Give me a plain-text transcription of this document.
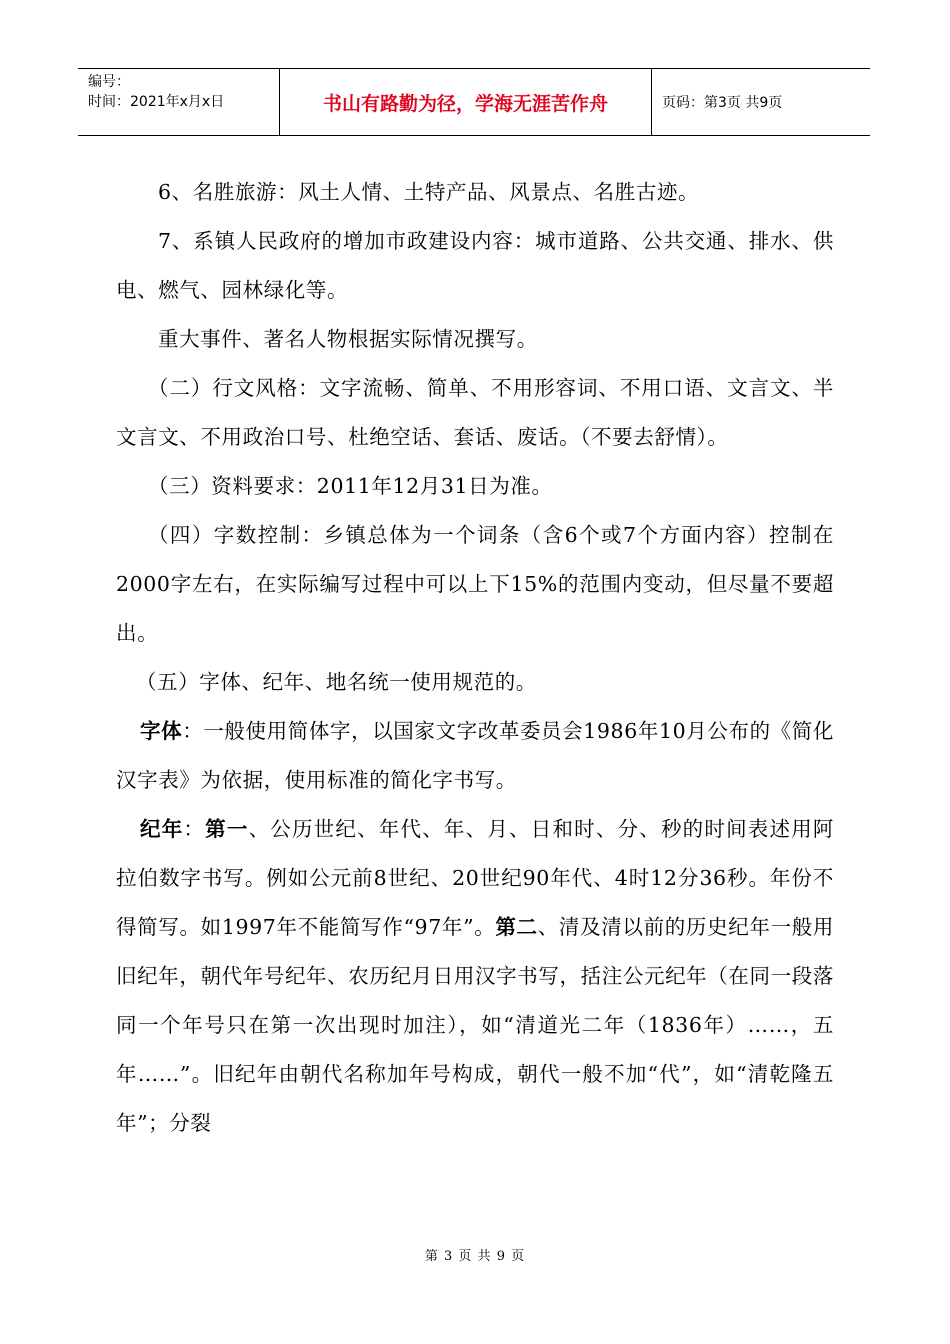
编号：
时间：2021年x月x日	书山有路勤为径，学海无涯苦作舟	页码：第3页 共9页

6、名胜旅游：风土人情、土特产品、风景点、名胜古迹。

7、系镇人民政府的增加市政建设内容：城市道路、公共交通、排水、供电、燃气、园林绿化等。

重大事件、著名人物根据实际情况撰写。

（二）行文风格：文字流畅、简单、不用形容词、不用口语、文言文、半文言文、不用政治口号、杜绝空话、套话、废话。（不要去舒情）。

（三）资料要求：2011年12月31日为准。

（四）字数控制：乡镇总体为一个词条（含6个或7个方面内容）控制在2000字左右，在实际编写过程中可以上下15%的范围内变动，但尽量不要超出。

（五）字体、纪年、地名统一使用规范的。

字体：一般使用简体字，以国家文字改革委员会1986年10月公布的《简化汉字表》为依据，使用标准的简化字书写。

纪年：第一、公历世纪、年代、年、月、日和时、分、秒的时间表述用阿拉伯数字书写。例如公元前8世纪、20世纪90年代、4时12分36秒。年份不得简写。如1997年不能简写作“97年”。第二、清及清以前的历史纪年一般用旧纪年，朝代年号纪年、农历纪月日用汉字书写，括注公元纪年（在同一段落同一个年号只在第一次出现时加注），如“清道光二年（1836年）……，五年……”。旧纪年由朝代名称加年号构成，朝代一般不加“代”，如“清乾隆五年”；分裂

第 3 页 共 9 页
